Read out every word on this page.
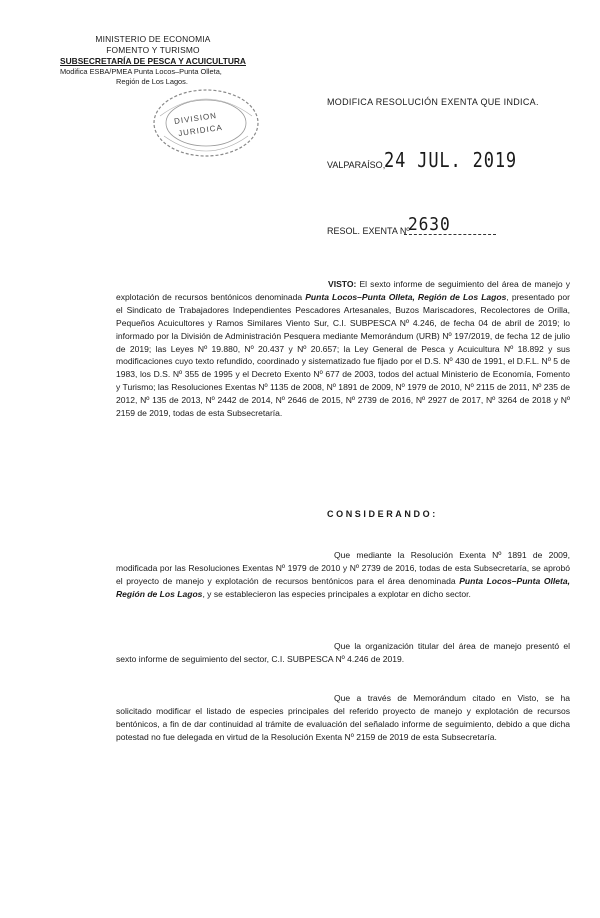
MINISTERIO DE ECONOMIA
FOMENTO Y TURISMO
SUBSECRETARÍA DE PESCA Y ACUICULTURA
Modifica ESBA/PMEA Punta Locos–Punta Olleta,
Región de Los Lagos.
DIVISION
JURIDICA
MODIFICA RESOLUCIÓN EXENTA QUE INDICA.
VALPARAÍSO,
24 JUL. 2019
RESOL. EXENTA Nº
2630
VISTO: El sexto informe de seguimiento del área de manejo y explotación de recursos bentónicos denominada Punta Locos–Punta Olleta, Región de Los Lagos, presentado por el Sindicato de Trabajadores Independientes Pescadores Artesanales, Buzos Mariscadores, Recolectores de Orilla, Pequeños Acuicultores y Ramos Similares Viento Sur, C.I. SUBPESCA Nº 4.246, de fecha 04 de abril de 2019; lo informado por la División de Administración Pesquera mediante Memorándum (URB) Nº 197/2019, de fecha 12 de julio de 2019; las Leyes Nº 19.880, Nº 20.437 y Nº 20.657; la Ley General de Pesca y Acuicultura Nº 18.892 y sus modificaciones cuyo texto refundido, coordinado y sistematizado fue fijado por el D.S. Nº 430 de 1991, el D.F.L. Nº 5 de 1983, los D.S. Nº 355 de 1995 y el Decreto Exento Nº 677 de 2003, todos del actual Ministerio de Economía, Fomento y Turismo; las Resoluciones Exentas Nº 1135 de 2008, Nº 1891 de 2009, Nº 1979 de 2010, Nº 2115 de 2011, Nº 235 de 2012, Nº 135 de 2013, Nº 2442 de 2014, Nº 2646 de 2015, Nº 2739 de 2016, Nº 2927 de 2017, Nº 3264 de 2018 y Nº 2159 de 2019, todas de esta Subsecretaría.
CONSIDERANDO:
Que mediante la Resolución Exenta Nº 1891 de 2009, modificada por las Resoluciones Exentas Nº 1979 de 2010 y Nº 2739 de 2016, todas de esta Subsecretaría, se aprobó el proyecto de manejo y explotación de recursos bentónicos para el área denominada Punta Locos–Punta Olleta, Región de Los Lagos, y se establecieron las especies principales a explotar en dicho sector.
Que la organización titular del área de manejo presentó el sexto informe de seguimiento del sector, C.I. SUBPESCA Nº 4.246 de 2019.
Que a través de Memorándum citado en Visto, se ha solicitado modificar el listado de especies principales del referido proyecto de manejo y explotación de recursos bentónicos, a fin de dar continuidad al trámite de evaluación del señalado informe de seguimiento, debido a que dicha potestad no fue delegada en virtud de la Resolución Exenta Nº 2159 de 2019 de esta Subsecretaría.
